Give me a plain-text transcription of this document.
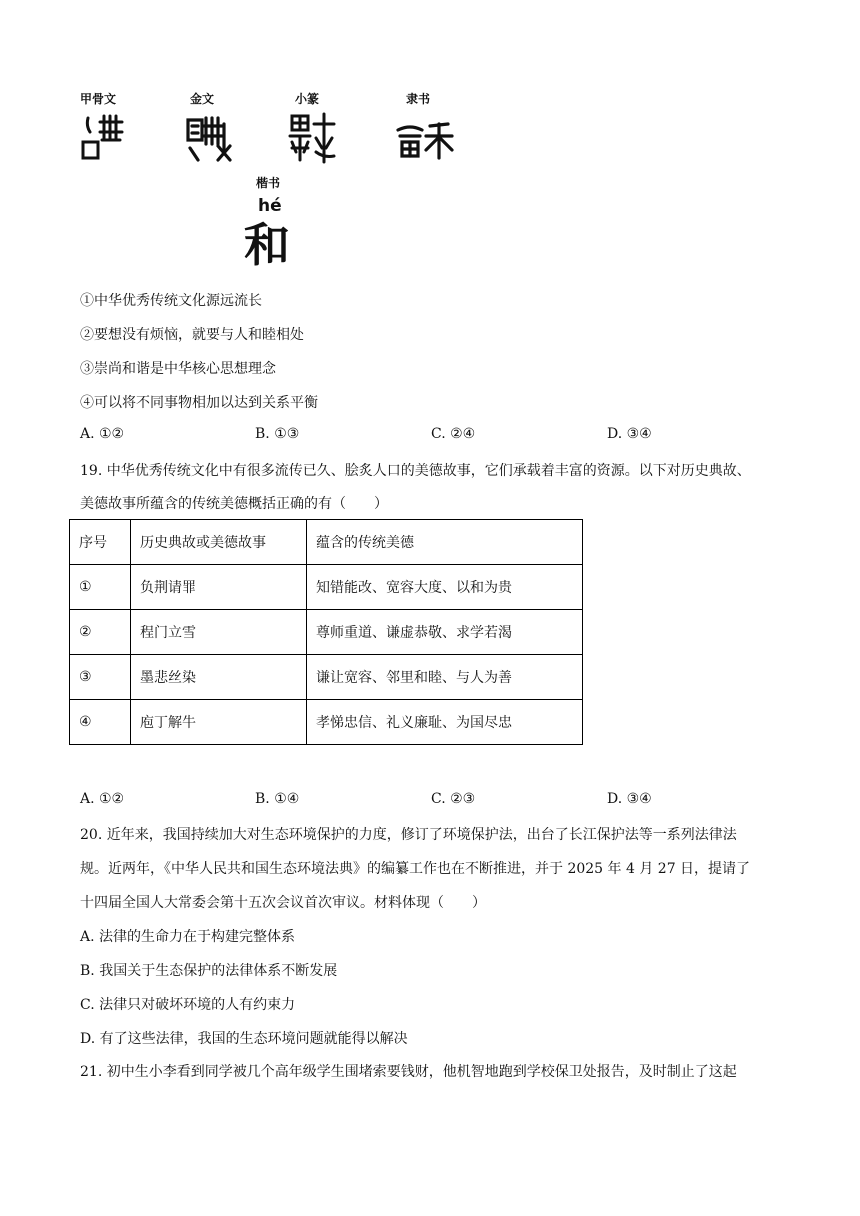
甲骨文	金文	小篆	隶书
楷书
hé
和
①中华优秀传统文化源远流长
②要想没有烦恼，就要与人和睦相处
③崇尚和谐是中华核心思想理念
④可以将不同事物相加以达到关系平衡
A. ①②	B. ①③	C. ②④	D. ③④
19. 中华优秀传统文化中有很多流传已久、脍炙人口的美德故事，它们承载着丰富的资源。以下对历史典故、
美德故事所蕴含的传统美德概括正确的有（　　）
序号	历史典故或美德故事	蕴含的传统美德
①	负荆请罪	知错能改、宽容大度、以和为贵
②	程门立雪	尊师重道、谦虚恭敬、求学若渴
③	墨悲丝染	谦让宽容、邻里和睦、与人为善
④	庖丁解牛	孝悌忠信、礼义廉耻、为国尽忠
A. ①②	B. ①④	C. ②③	D. ③④
20. 近年来，我国持续加大对生态环境保护的力度，修订了环境保护法，出台了长江保护法等一系列法律法
规。近两年，《中华人民共和国生态环境法典》的编纂工作也在不断推进，并于 2025 年 4 月 27 日，提请了
十四届全国人大常委会第十五次会议首次审议。材料体现（　　）
A. 法律的生命力在于构建完整体系
B. 我国关于生态保护的法律体系不断发展
C. 法律只对破坏环境的人有约束力
D. 有了这些法律，我国的生态环境问题就能得以解决
21. 初中生小李看到同学被几个高年级学生围堵索要钱财，他机智地跑到学校保卫处报告，及时制止了这起
